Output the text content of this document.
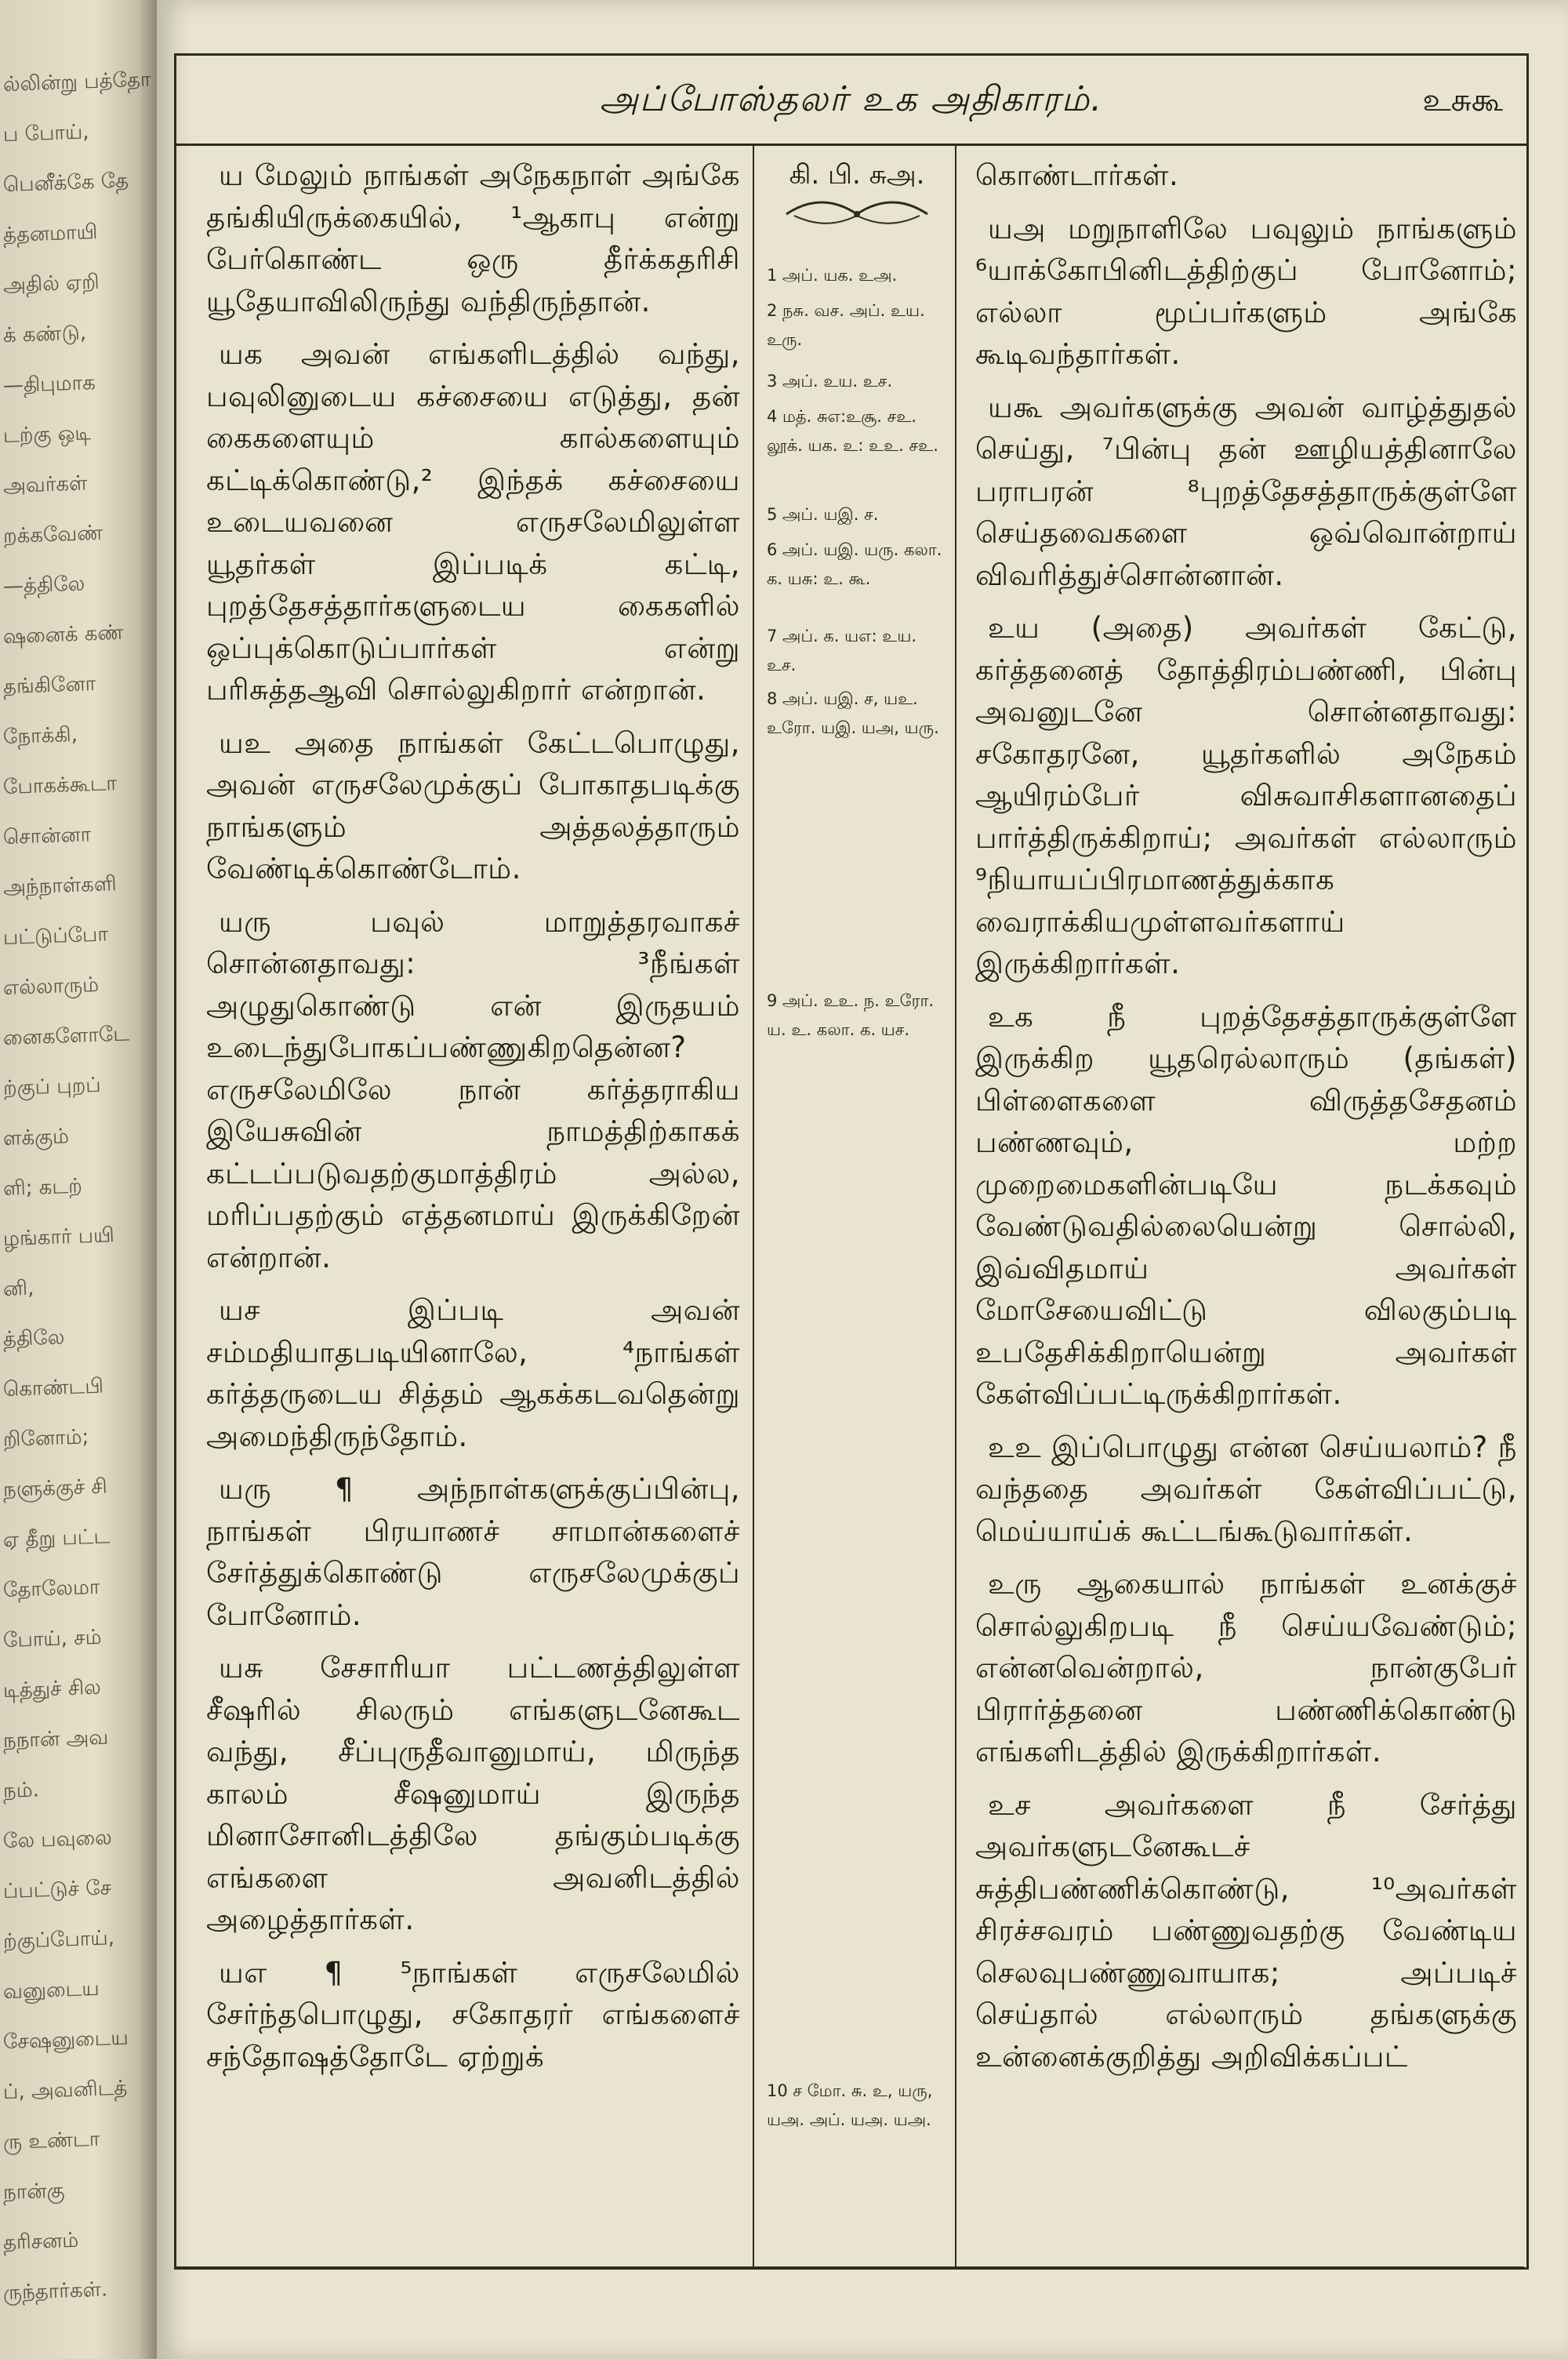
ல்லின்று பத்தோ
ப போய்,
பெனீக்கே தே
த்தனமாயி
அதில் ஏறி
க் கண்டு,
—திபுமாக
டற்கு ஒடி
அவர்கள்
றக்கவேண்
—த்திலே
ஷனைக் கண்
தங்கினோ
நோக்கி,
போகக்கூடா
சொன்னா
அந்நாள்களி
பட்டுப்போ
எல்லாரும்
னைகளோடே
ற்குப் புறப்
ளக்கும்
ளி; கடற்
ழங்கார் பயி
னி,
த்திலே
கொண்டபி
றினோம்;
நளுக்குச் சி
ஏ தீறு பட்ட
தோலேமா
போய், சம்
டித்துச் சில
நநான் அவ
நம்.
லே பவுலை
ப்பட்டுச் சே
ற்குப்போய்,
வனுடைய
சேஷனுடைய
ப், அவனிடத்
ரு உண்டா
நான்கு
தரிசனம்
ருந்தார்கள்.
அப்போஸ்தலர் உக அதிகாரம்.	உசுகூ

ய மேலும் நாங்கள் அநேகநாள் அங்கே தங்கியிருக்கையில், ¹ஆகாபு என்று பேர்கொண்ட ஒரு தீர்க்கதரிசி யூதேயாவிலிருந்து வந்திருந்தான்.

யக அவன் எங்களிடத்தில் வந்து, பவுலினுடைய கச்சையை எடுத்து, தன் கைகளையும் கால்களையும் கட்டிக்கொண்டு,² இந்தக் கச்சையை உடையவனை எருசலேமிலுள்ள யூதர்கள் இப்படிக் கட்டி, புறத்தேசத்தார்களுடைய கைகளில் ஒப்புக்கொடுப்பார்கள் என்று பரிசுத்தஆவி சொல்லுகிறார் என்றான்.

யஉ அதை நாங்கள் கேட்டபொழுது, அவன் எருசலேமுக்குப் போகாதபடிக்கு நாங்களும் அத்தலத்தாரும் வேண்டிக்கொண்டோம்.

யரு பவுல் மாறுத்தரவாகச் சொன்னதாவது: ³நீங்கள் அழுதுகொண்டு என் இருதயம் உடைந்துபோகப்பண்ணுகிறதென்ன? எருசலேமிலே நான் கர்த்தராகிய இயேசுவின் நாமத்திற்காகக் கட்டப்படுவதற்குமாத்திரம் அல்ல, மரிப்பதற்கும் எத்தனமாய் இருக்கிறேன் என்றான்.

யச இப்படி அவன் சம்மதியாதபடியினாலே, ⁴நாங்கள் கர்த்தருடைய சித்தம் ஆகக்கடவதென்று அமைந்திருந்தோம்.

யரு ¶ அந்நாள்களுக்குப்பின்பு, நாங்கள் பிரயாணச் சாமான்களைச் சேர்த்துக்கொண்டு எருசலேமுக்குப் போனோம்.

யசு சேசாரியா பட்டணத்திலுள்ள சீஷரில் சிலரும் எங்களுடனேகூட வந்து, சீப்புருதீவானுமாய், மிருந்த காலம் சீஷனுமாய் இருந்த மினாசோனிடத்திலே தங்கும்படிக்கு எங்களை அவனிடத்தில் அழைத்தார்கள்.

யஎ ¶ ⁵நாங்கள் எருசலேமில் சேர்ந்தபொழுது, சகோதரர் எங்களைச் சந்தோஷத்தோடே ஏற்றுக்

கி. பி. சுஅ.
1 அப். யக. உஅ.
2 நசு. வச. அப். உய. உரு.
3 அப். உய. உச.
4 மத். சுஎ:உசூ. சஉ. லூக். யக. உ: உஉ. சஉ.
5 அப். யஇ. ச.
6 அப். யஇ. யரு. கலா. க. யசு: உ. கூ.
7 அப். க. யஎ: உய. உச.
8 அப். யஇ. ச, யஉ. உரோ. யஇ. யஅ, யரு.
9 அப். உஉ. ந. உரோ. ய. உ. கலா. க. யச.
10 ச மோ. சு. உ, யரு, யஅ. அப். யஅ. யஅ.

கொண்டார்கள்.

யஅ மறுநாளிலே பவுலும் நாங்களும் ⁶யாக்கோபினிடத்திற்குப் போனோம்; எல்லா மூப்பர்களும் அங்கே கூடிவந்தார்கள்.

யகூ அவர்களுக்கு அவன் வாழ்த்துதல் செய்து, ⁷பின்பு தன் ஊழியத்தினாலே பராபரன் ⁸புறத்தேசத்தாருக்குள்ளே செய்தவைகளை ஒவ்வொன்றாய் விவரித்துச்சொன்னான்.

உய (அதை) அவர்கள் கேட்டு, கர்த்தனைத் தோத்திரம்பண்ணி, பின்பு அவனுடனே சொன்னதாவது: சகோதரனே, யூதர்களில் அநேகம் ஆயிரம்பேர் விசுவாசிகளானதைப் பார்த்திருக்கிறாய்; அவர்கள் எல்லாரும் ⁹நியாயப்பிரமாணத்துக்காக வைராக்கியமுள்ளவர்களாய் இருக்கிறார்கள்.

உக நீ புறத்தேசத்தாருக்குள்ளே இருக்கிற யூதரெல்லாரும் (தங்கள்) பிள்ளைகளை விருத்தசேதனம் பண்ணவும், மற்ற முறைமைகளின்படியே நடக்கவும் வேண்டுவதில்லையென்று சொல்லி, இவ்விதமாய் அவர்கள் மோசேயைவிட்டு விலகும்படி உபதேசிக்கிறாயென்று அவர்கள் கேள்விப்பட்டிருக்கிறார்கள்.

உஉ இப்பொழுது என்ன செய்யலாம்? நீ வந்ததை அவர்கள் கேள்விப்பட்டு, மெய்யாய்க் கூட்டங்கூடுவார்கள்.

உரு ஆகையால் நாங்கள் உனக்குச் சொல்லுகிறபடி நீ செய்யவேண்டும்; என்னவென்றால், நான்குபேர் பிரார்த்தனை பண்ணிக்கொண்டு எங்களிடத்தில் இருக்கிறார்கள்.

உச அவர்களை நீ சேர்த்து அவர்களுடனேகூடச் சுத்திபண்ணிக்கொண்டு, ¹⁰அவர்கள் சிரச்சவரம் பண்ணுவதற்கு வேண்டிய செலவுபண்ணுவாயாக; அப்படிச் செய்தால் எல்லாரும் தங்களுக்கு உன்னைக்குறித்து அறிவிக்கப்பட்
